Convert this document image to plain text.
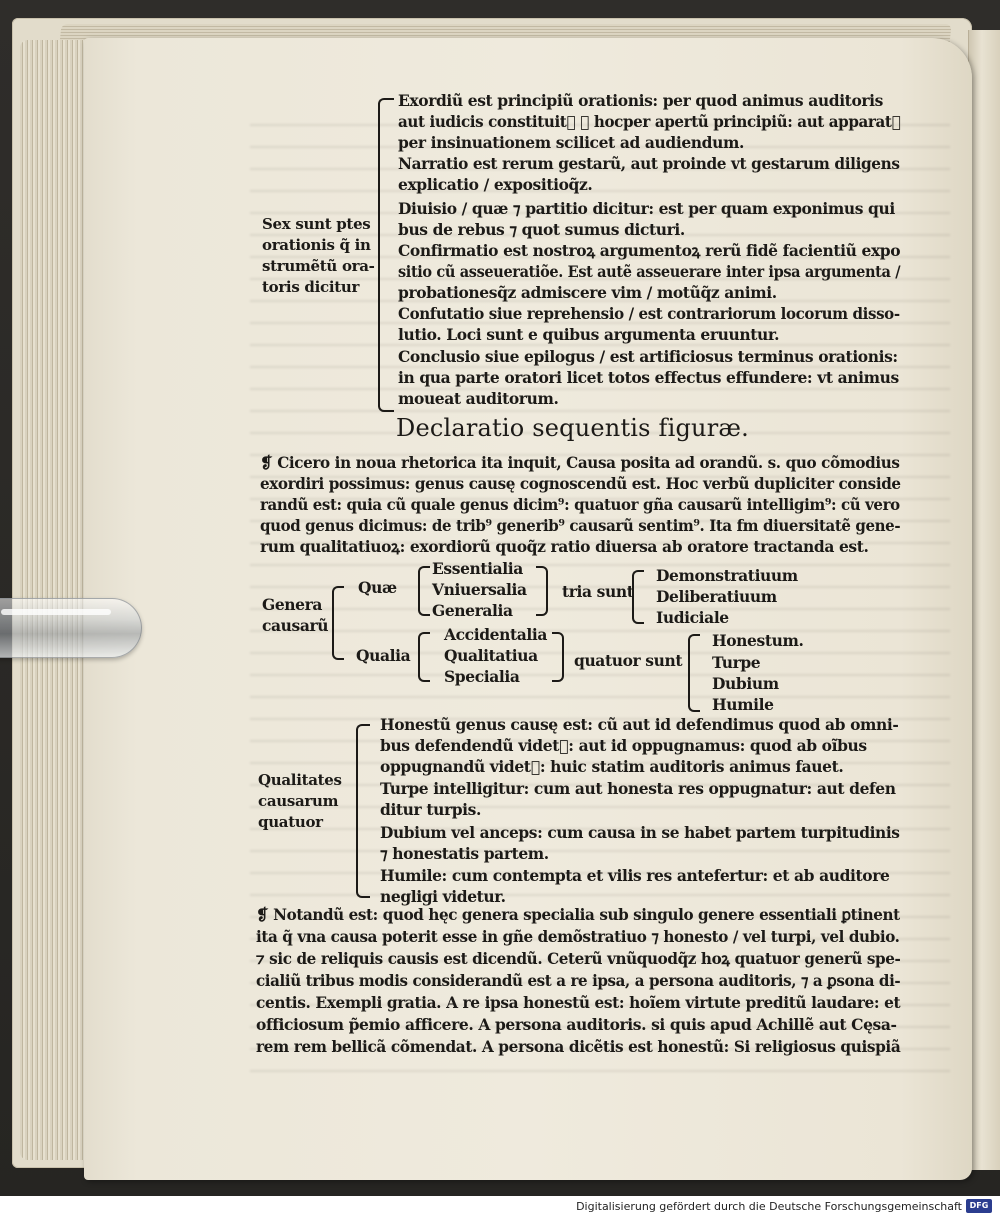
Exordiũ est principiũ orationis: per quod animus auditoris
aut iudicis constituit᷑ ⁊ hocper apertũ principiũ: aut apparat᷑
per insinuationem scilicet ad audiendum.
Narratio est rerum gestarũ, aut proinde vt gestarum diligens
explicatio / expositioq̃z.
Diuisio / quæ ⁊ partitio dicitur: est per quam exponimus qui
bus de rebus ⁊ quot sumus dicturi.
Confirmatio est nostroꝝ argumentoꝝ rerũ fidẽ facientiũ expo
sitio cũ asseueratiõe. Est autẽ asseuerare inter ipsa argumenta /
probationesq̃z admiscere vim / motũq̃z animi.
Confutatio siue reprehensio / est contrariorum locorum disso-
lutio. Loci sunt e quibus argumenta eruuntur.
Conclusio siue epilogus / est artificiosus terminus orationis:
in qua parte oratori licet totos effectus effundere: vt animus
moueat auditorum.
Sex sunt ptes
orationis q̃ in
strumẽtũ ora-
toris dicitur
Declaratio sequentis figuræ.
❡ Cicero in noua rhetorica ita inquit, Causa posita ad orandũ. s. quo cõmodius
exordiri possimus: genus causę cognoscendũ est. Hoc verbũ dupliciter conside
randũ est: quia cũ quale genus dicim⁹: quatuor gña causarũ intelligim⁹: cũ vero
quod genus dicimus: de trib⁹ generib⁹ causarũ sentim⁹. Ita fm diuersitatẽ gene-
rum qualitatiuoꝝ: exordiorũ quoq̃z ratio diuersa ab oratore tractanda est.
Genera
causarũ
Quæ
Qualia
Essentialia
Vniuersalia
Generalia
tria sunt
Demonstratiuum
Deliberatiuum
Iudiciale
Accidentalia
Qualitatiua
Specialia
quatuor sunt
Honestum.
Turpe
Dubium
Humile
Honestũ genus causę est: cũ aut id defendimus quod ab omni-
bus defendendũ videt᷑: aut id oppugnamus: quod ab oĩbus
oppugnandũ videt᷑: huic statim auditoris animus fauet.
Turpe intelligitur: cum aut honesta res oppugnatur: aut defen
ditur turpis.
Dubium vel anceps: cum causa in se habet partem turpitudinis
⁊ honestatis partem.
Humile: cum contempta et vilis res antefertur: et ab auditore
negligi videtur.
Qualitates
causarum
quatuor
❡ Notandũ est: quod hęc genera specialia sub singulo genere essentiali ꝑtinent
ita q̃ vna causa poterit esse in gñe demõstratiuo ⁊ honesto / vel turpi, vel dubio.
⁊ sic de reliquis causis est dicendũ. Ceterũ vnũquodq̃z hoꝝ quatuor generũ spe-
cialiũ tribus modis considerandũ est a re ipsa, a persona auditoris, ⁊ a ꝑsona di-
centis. Exempli gratia. A re ipsa honestũ est: hoĩem virtute preditũ laudare: et
officiosum p̃emio afficere. A persona auditoris. si quis apud Achillẽ aut Cęsa-
rem rem bellicã cõmendat. A persona dicẽtis est honestũ: Si religiosus quispiã
Digitalisierung gefördert durch die Deutsche Forschungsgemeinschaft DFG
